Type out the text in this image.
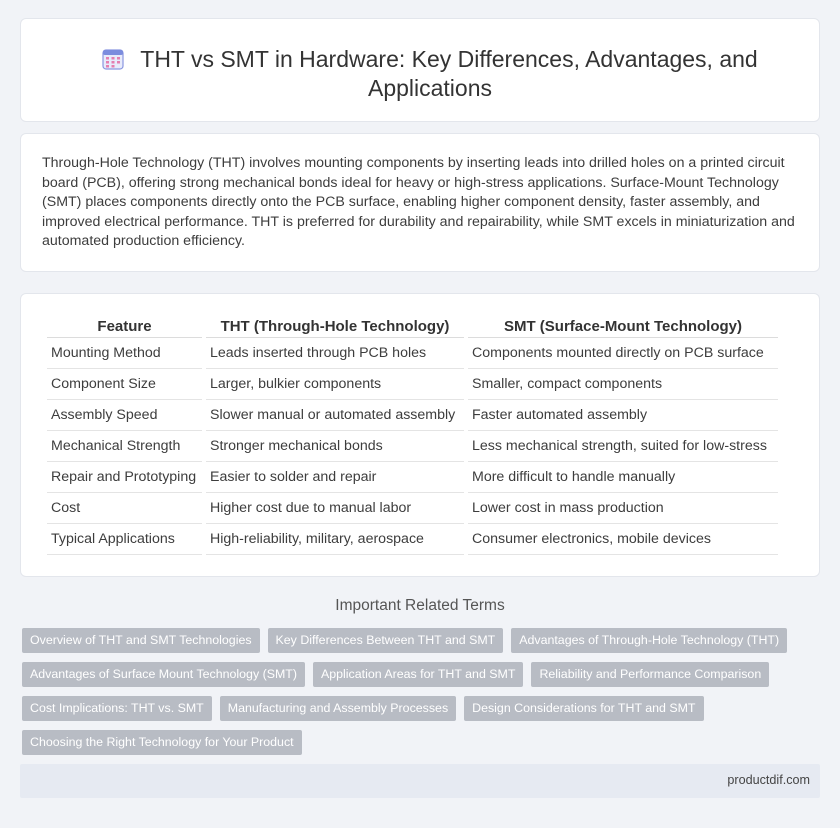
THT vs SMT in Hardware: Key Differences, Advantages, and Applications

Through-Hole Technology (THT) involves mounting components by inserting leads into drilled holes on a printed circuit board (PCB), offering strong mechanical bonds ideal for heavy or high-stress applications. Surface-Mount Technology (SMT) places components directly onto the PCB surface, enabling higher component density, faster assembly, and improved electrical performance. THT is preferred for durability and repairability, while SMT excels in miniaturization and automated production efficiency.

Feature	THT (Through-Hole Technology)	SMT (Surface-Mount Technology)
Mounting Method	Leads inserted through PCB holes	Components mounted directly on PCB surface
Component Size	Larger, bulkier components	Smaller, compact components
Assembly Speed	Slower manual or automated assembly	Faster automated assembly
Mechanical Strength	Stronger mechanical bonds	Less mechanical strength, suited for low-stress
Repair and Prototyping	Easier to solder and repair	More difficult to handle manually
Cost	Higher cost due to manual labor	Lower cost in mass production
Typical Applications	High-reliability, military, aerospace	Consumer electronics, mobile devices
Important Related Terms
Overview of THT and SMT Technologies	Key Differences Between THT and SMT	Advantages of Through-Hole Technology (THT)
Advantages of Surface Mount Technology (SMT)	Application Areas for THT and SMT	Reliability and Performance Comparison
Cost Implications: THT vs. SMT	Manufacturing and Assembly Processes	Design Considerations for THT and SMT
Choosing the Right Technology for Your Product
productdif.com
